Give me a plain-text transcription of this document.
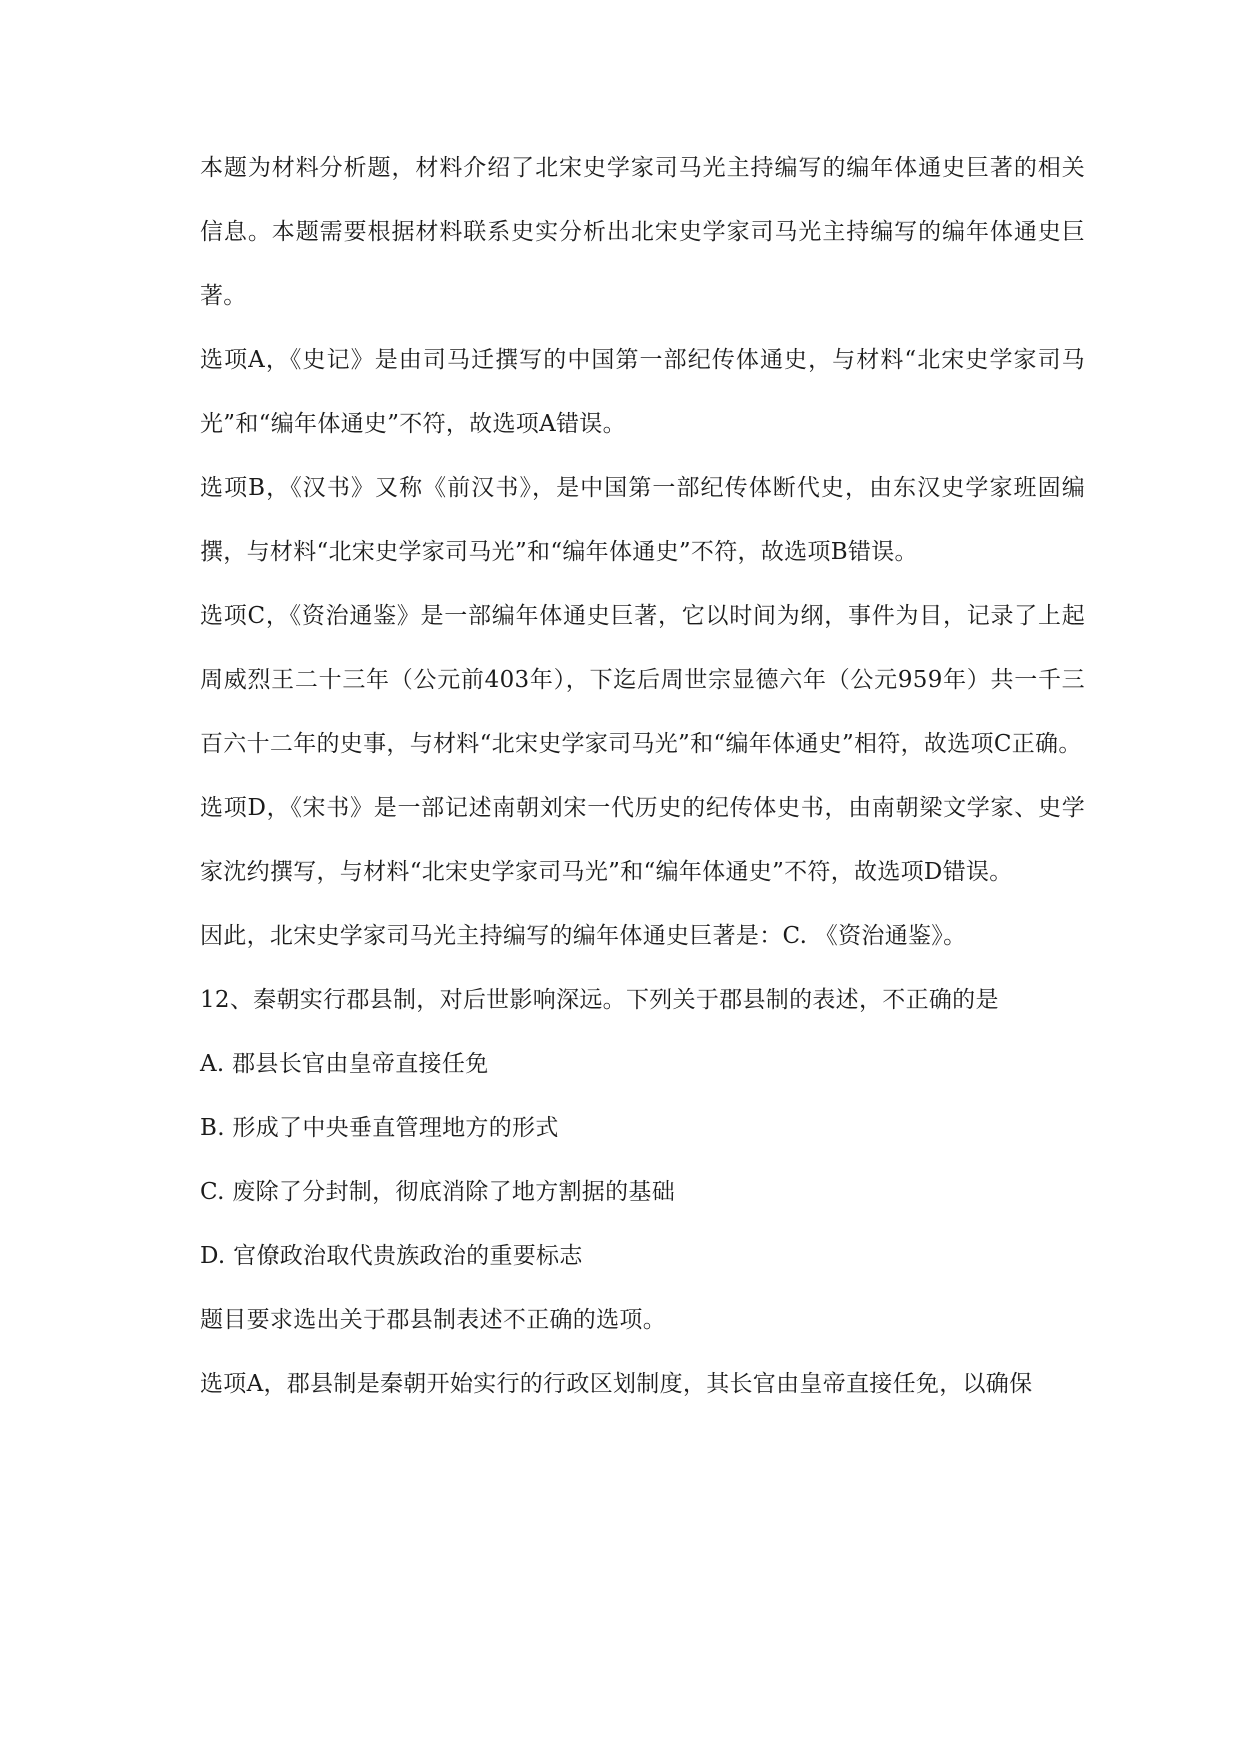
本题为材料分析题，材料介绍了北宋史学家司马光主持编写的编年体通史巨著的相关信息。本题需要根据材料联系史实分析出北宋史学家司马光主持编写的编年体通史巨著。

选项A，《史记》是由司马迁撰写的中国第一部纪传体通史，与材料“北宋史学家司马光”和“编年体通史”不符，故选项A错误。

选项B，《汉书》又称《前汉书》，是中国第一部纪传体断代史，由东汉史学家班固编撰，与材料“北宋史学家司马光”和“编年体通史”不符，故选项B错误。

选项C，《资治通鉴》是一部编年体通史巨著，它以时间为纲，事件为目，记录了上起周威烈王二十三年（公元前403年），下迄后周世宗显德六年（公元959年）共一千三百六十二年的史事，与材料“北宋史学家司马光”和“编年体通史”相符，故选项C正确。

选项D，《宋书》是一部记述南朝刘宋一代历史的纪传体史书，由南朝梁文学家、史学家沈约撰写，与材料“北宋史学家司马光”和“编年体通史”不符，故选项D错误。

因此，北宋史学家司马光主持编写的编年体通史巨著是：C. 《资治通鉴》。

12、秦朝实行郡县制，对后世影响深远。下列关于郡县制的表述，不正确的是

A. 郡县长官由皇帝直接任免

B. 形成了中央垂直管理地方的形式

C. 废除了分封制，彻底消除了地方割据的基础

D. 官僚政治取代贵族政治的重要标志

题目要求选出关于郡县制表述不正确的选项。

选项A，郡县制是秦朝开始实行的行政区划制度，其长官由皇帝直接任免，以确保
